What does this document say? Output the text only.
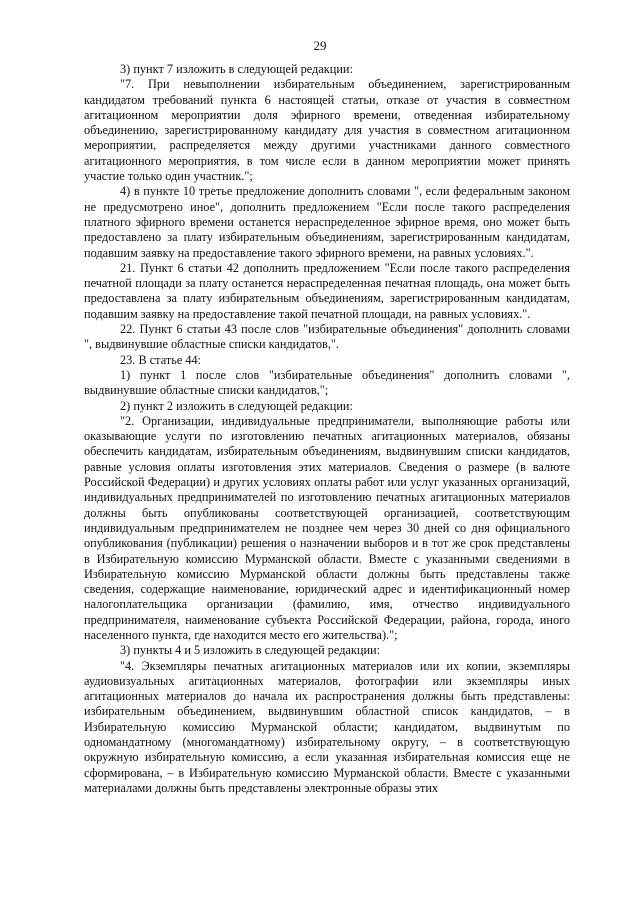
29

3) пункт 7 изложить в следующей редакции:

"7. При невыполнении избирательным объединением, зарегистрированным кандидатом требований пункта 6 настоящей статьи, отказе от участия в совместном агитационном мероприятии доля эфирного времени, отведенная избирательному объединению, зарегистрированному кандидату для участия в совместном агитационном мероприятии, распределяется между другими участниками данного совместного агитационного мероприятия, в том числе если в данном мероприятии может принять участие только один участник.";

4) в пункте 10 третье предложение дополнить словами ", если федеральным законом не предусмотрено иное", дополнить предложением "Если после такого распределения платного эфирного времени останется нераспределенное эфирное время, оно может быть предоставлено за плату избирательным объединениям, зарегистрированным кандидатам, подавшим заявку на предоставление такого эфирного времени, на равных условиях.".

21. Пункт 6 статьи 42 дополнить предложением "Если после такого распределения печатной площади за плату останется нераспределенная печатная площадь, она может быть предоставлена за плату избирательным объединениям, зарегистрированным кандидатам, подавшим заявку на предоставление такой печатной площади, на равных условиях.".

22. Пункт 6 статьи 43 после слов "избирательные объединения" дополнить словами ", выдвинувшие областные списки кандидатов,".

23. В статье 44:

1) пункт 1 после слов "избирательные объединения" дополнить словами ", выдвинувшие областные списки кандидатов,";

2) пункт 2 изложить в следующей редакции:

"2. Организации, индивидуальные предприниматели, выполняющие работы или оказывающие услуги по изготовлению печатных агитационных материалов, обязаны обеспечить кандидатам, избирательным объединениям, выдвинувшим списки кандидатов, равные условия оплаты изготовления этих материалов. Сведения о размере (в валюте Российской Федерации) и других условиях оплаты работ или услуг указанных организаций, индивидуальных предпринимателей по изготовлению печатных агитационных материалов должны быть опубликованы соответствующей организацией, соответствующим индивидуальным предпринимателем не позднее чем через 30 дней со дня официального опубликования (публикации) решения о назначении выборов и в тот же срок представлены в Избирательную комиссию Мурманской области. Вместе с указанными сведениями в Избирательную комиссию Мурманской области должны быть представлены также сведения, содержащие наименование, юридический адрес и идентификационный номер налогоплательщика организации (фамилию, имя, отчество индивидуального предпринимателя, наименование субъекта Российской Федерации, района, города, иного населенного пункта, где находится место его жительства).";

3) пункты 4 и 5 изложить в следующей редакции:

"4. Экземпляры печатных агитационных материалов или их копии, экземпляры аудиовизуальных агитационных материалов, фотографии или экземпляры иных агитационных материалов до начала их распространения должны быть представлены: избирательным объединением, выдвинувшим областной список кандидатов, – в Избирательную комиссию Мурманской области; кандидатом, выдвинутым по одномандатному (многомандатному) избирательному округу, – в соответствующую окружную избирательную комиссию, а если указанная избирательная комиссия еще не сформирована, – в Избирательную комиссию Мурманской области. Вместе с указанными материалами должны быть представлены электронные образы этих
